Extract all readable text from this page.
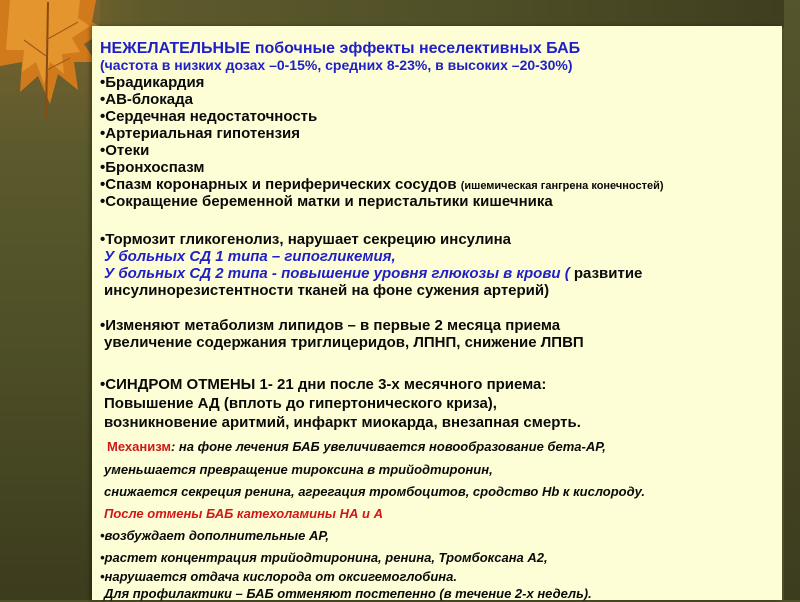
НЕЖЕЛАТЕЛЬНЫЕ побочные эффекты неселективных БАБ
(частота в низких дозах –0-15%, средних 8-23%, в высоких –20-30%)
•Брадикардия
•АВ-блокада
•Сердечная недостаточность
•Артериальная гипотензия
•Отеки
•Бронхоспазм
•Спазм коронарных и периферических сосудов (ишемическая гангрена конечностей)
•Сокращение беременной матки и перистальтики кишечника
•Тормозит гликогенолиз, нарушает секрецию инсулина
У больных СД 1 типа – гипогликемия,
У больных СД 2 типа - повышение уровня глюкозы в крови ( развитие
инсулинорезистентности тканей на фоне сужения артерий)
•Изменяют метаболизм липидов – в первые 2 месяца приема
увеличение содержания триглицеридов, ЛПНП, снижение ЛПВП
•СИНДРОМ ОТМЕНЫ 1- 21 дни после 3-х месячного приема:
Повышение АД (вплоть до гипертонического криза),
возникновение аритмий, инфаркт миокарда, внезапная смерть.
Механизм: на фоне лечения БАБ увеличивается новообразование бета-АР,
уменьшается превращение тироксина в трийодтиронин,
снижается секреция ренина, агрегация тромбоцитов, сродство Hb к кислороду.
После отмены БАБ катехоламины НА и А
•возбуждает дополнительные АР,
•растет концентрация трийодтиронина, ренина, Тромбоксана А2,
•нарушается отдача кислорода от оксигемоглобина.
Для профилактики – БАБ отменяют постепенно (в течение 2-х недель).
